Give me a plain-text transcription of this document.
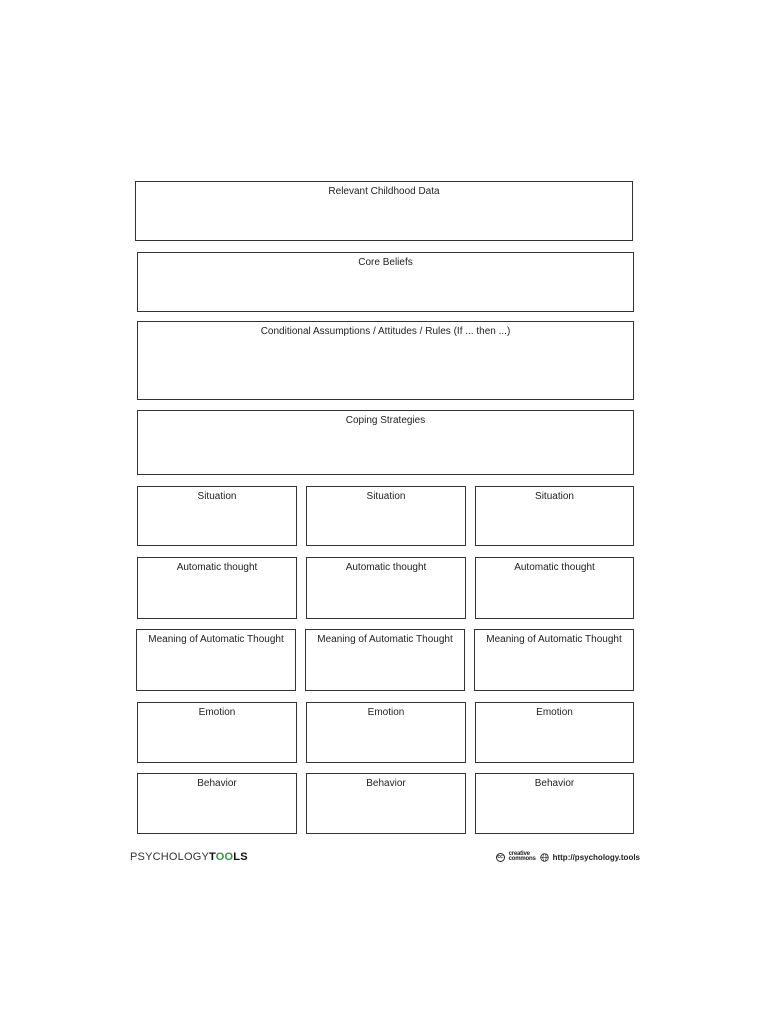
Relevant Childhood Data
Core Beliefs
Conditional Assumptions / Attitudes / Rules (If ... then ...)
Coping Strategies
Situation	Situation	Situation
Automatic thought	Automatic thought	Automatic thought
Meaning of Automatic Thought	Meaning of Automatic Thought	Meaning of Automatic Thought
Emotion	Emotion	Emotion
Behavior	Behavior	Behavior
PSYCHOLOGYTOOLS	cc creative
commons http://psychology.tools
